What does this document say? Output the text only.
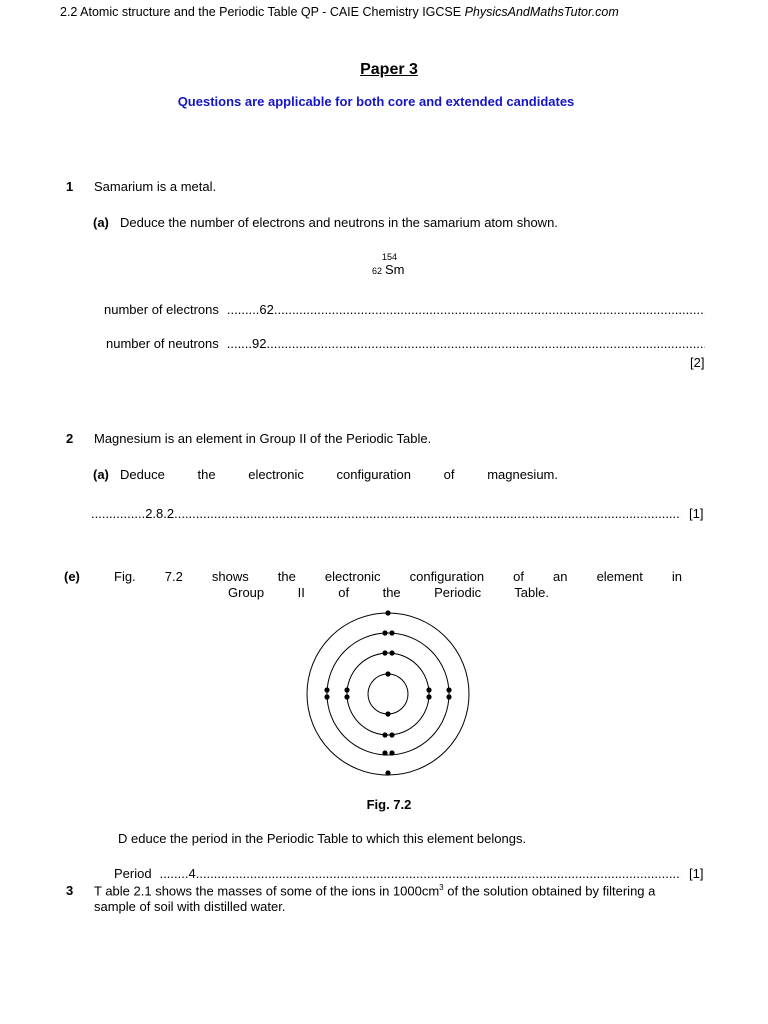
2.2 Atomic structure and the Periodic Table QP - CAIE Chemistry IGCSE PhysicsAndMathsTutor.com
Paper 3
Questions are applicable for both core and extended candidates
1 Samarium is a metal.
(a) Deduce the number of electrons and neutrons in the samarium atom shown.
154
62 Sm
number of electrons ......... 62
.....
number of neutrons ....... 92
.....
[2]
2 Magnesium is an element in Group II of the Periodic Table.
(a) Deduce	the	electronic	configuration	of	magnesium.
............... 2.8.2 .....	[1]
(e)	Fig. 7.2 shows the electronic configuration of an element in
Group	II	of	the	Periodic	Table.
Fig. 7.2
D educe the period in the Periodic Table to which this element belongs.
Period ........ 4 .....	[1]
3 T able 2.1 shows the masses of some of the ions in $1000cm^3$ of the solution obtained by filtering a
sample of soil with distilled water.
